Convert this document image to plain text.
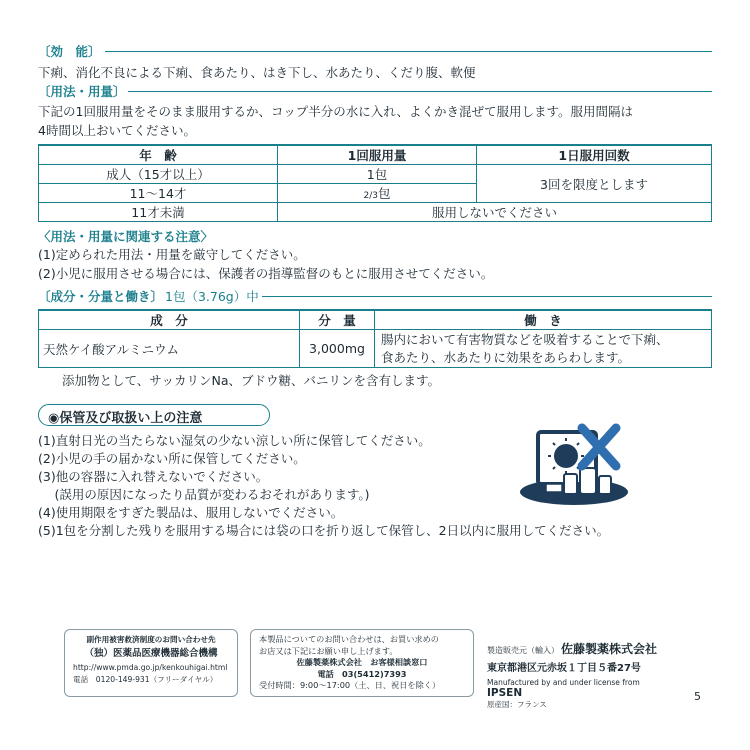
〔効　能〕
下痢、消化不良による下痢、食あたり、はき下し、水あたり、くだり腹、軟便
〔用法・用量〕
下記の1回服用量をそのまま服用するか、コップ半分の水に入れ、よくかき混ぜて服用します。服用間隔は
4時間以上おいてください。
年　齢	1回服用量	1日服用回数
成人（15才以上）	1包	3回を限度とします
11～14才	2/3包	
11才未満	服用しないでください	
〈用法・用量に関連する注意〉
(1)定められた用法・用量を厳守してください。
(2)小児に服用させる場合には、保護者の指導監督のもとに服用させてください。
〔成分・分量と働き〕 1包（3.76g）中
成　分	分　量	働　き
天然ケイ酸アルミニウム	3,000mg	腸内において有害物質などを吸着することで下痢、
食あたり、水あたりに効果をあらわします。
添加物として、サッカリンNa、ブドウ糖、バニリンを含有します。
◉保管及び取扱い上の注意
(1)直射日光の当たらない湿気の少ない涼しい所に保管してください。
(2)小児の手の届かない所に保管してください。
(3)他の容器に入れ替えないでください。
　 (誤用の原因になったり品質が変わるおそれがあります。)
(4)使用期限をすぎた製品は、服用しないでください。
(5)1包を分割した残りを服用する場合には袋の口を折り返して保管し、2日以内に服用してください。
副作用被害救済制度のお問い合わせ先
（独）医薬品医療機器総合機構
http://www.pmda.go.jp/kenkouhigai.html
電話　0120-149-931（フリーダイヤル）
本製品についてのお問い合わせは、お買い求めの
お店又は下記にお願い申し上げます。
佐藤製薬株式会社　お客様相談窓口
電話　03(5412)7393
受付時間：9:00～17:00（土、日、祝日を除く）
製造販売元（輸入） 佐藤製薬株式会社
東京都港区元赤坂１丁目５番27号
Manufactured by and under license from
IPSEN
原産国：フランス
5
